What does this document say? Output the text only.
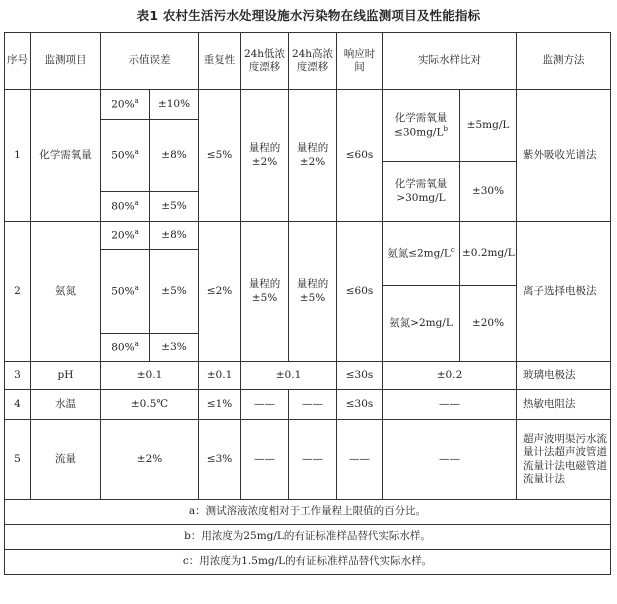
表1 农村生活污水处理设施水污染物在线监测项目及性能指标
序号	监测项目	示值误差		重复性	24h低浓度漂移	24h高浓度漂移	响应时间	实际水样比对		监测方法
1	化学需氧量	20%$^a$	±10%	≤5%	量程的±2%	量程的±2%	≤60s	化学需氧量$\le 30mg/L^b$	±5mg/L	紫外吸收光谱法
		50%$^a$	±8%							
								化学需氧量>30mg/L	±30%	

		80%$^a$	±5%							
2	氨氮	20%$^a$	±8%	≤2%	量程的±5%	量程的±5%	≤60s	氨氮$\le 2mg/L^c$	±0.2mg/L	离子选择电极法
		50%$^a$	±5%							
								氨氮>2mg/L	±20%	

		80%$^a$	±3%							
3	pH	±0.1		±0.1	±0.1		≤30s	±0.2		玻璃电极法
4	水温	±0.5℃		≤1%	——	——	≤30s	——		热敏电阻法
5	流量	±2%		≤3%	——	——	——	——		超声波明渠污水流量计法超声波管道流量计法电磁管道流量计法
a：测试溶液浓度相对于工作量程上限值的百分比。										
b：用浓度为25mg/L的有证标准样品替代实际水样。										
c：用浓度为1.5mg/L的有证标准样品替代实际水样。										
